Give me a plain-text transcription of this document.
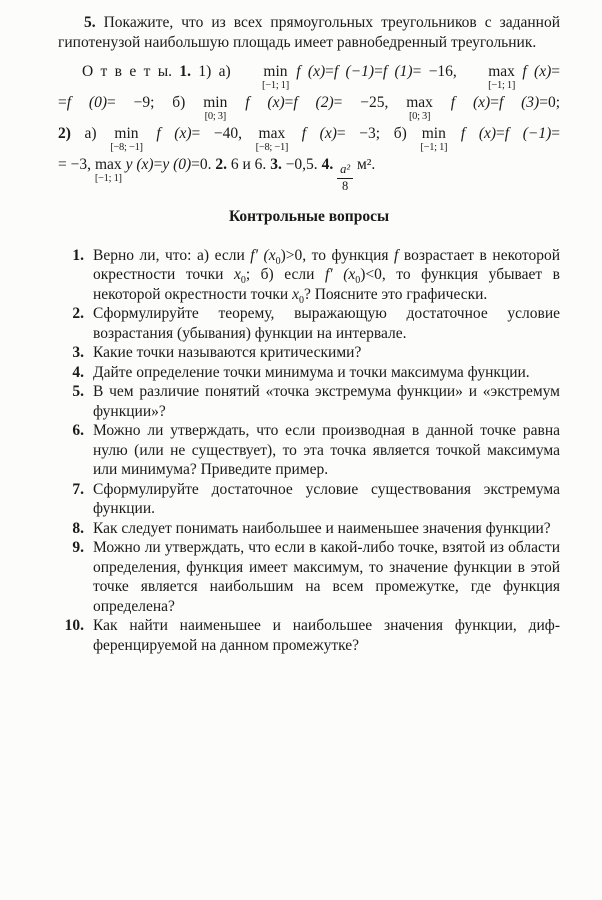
5. Покажите, что из всех прямоугольных треугольников с заданной гипотенузой наибольшую площадь имеет равнобедренный треугольник.
О т в е т ы. 1. 1) а)	min
[−1; 1]
f (x)=f (−1)=f (1)= −16,	max
[−1; 1]
f (x)=
=f (0)= −9; б) min
[0; 3]
f (x)=f (2)= −25, max
[0; 3]
f (x)=f (3)=0;
2) а) min
[−8; −1]
f (x)= −40, max
[−8; −1]
f (x)= −3; б) min
[−1; 1]
f (x)=f (−1)=
= −3, max
[−1; 1]
y (x)=y (0)=0. 2. 6 и 6. 3. −0,5. 4. $\frac{\text{a²}}{8} м^2$.
Контрольные вопросы
1. Верно ли, что: а) если f′ $(x_0)>0$, то функция f возрастает в некоторой окрестности точки $x_0$; б) если f′ $(x_0)<0$, то функция убывает в некоторой окрестности точки $x_0$? Поясните это графически.
2. Сформулируйте теорему, выражающую достаточное условие возрастания (убывания) функции на интервале.
3. Какие точки называются критическими?
4. Дайте определение точки минимума и точки максимума функции.
5. В чем различие понятий «точка экстремума функции» и «экстремум функции»?
6. Можно ли утверждать, что если производная в данной точке равна нулю (или не существует), то эта точка является точкой максимума или минимума? Приведите пример.
7. Сформулируйте достаточное условие существования экстремума функции.
8. Как следует понимать наибольшее и наименьшее значения функции?
9. Можно ли утверждать, что если в какой-либо точке, взятой из области определения, функция имеет максимум, то значение функции в этой точке является наибольшим на всем промежутке, где функция определена?
10. Как найти наименьшее и наибольшее значения функции, дифференцируемой на данном промежутке?
